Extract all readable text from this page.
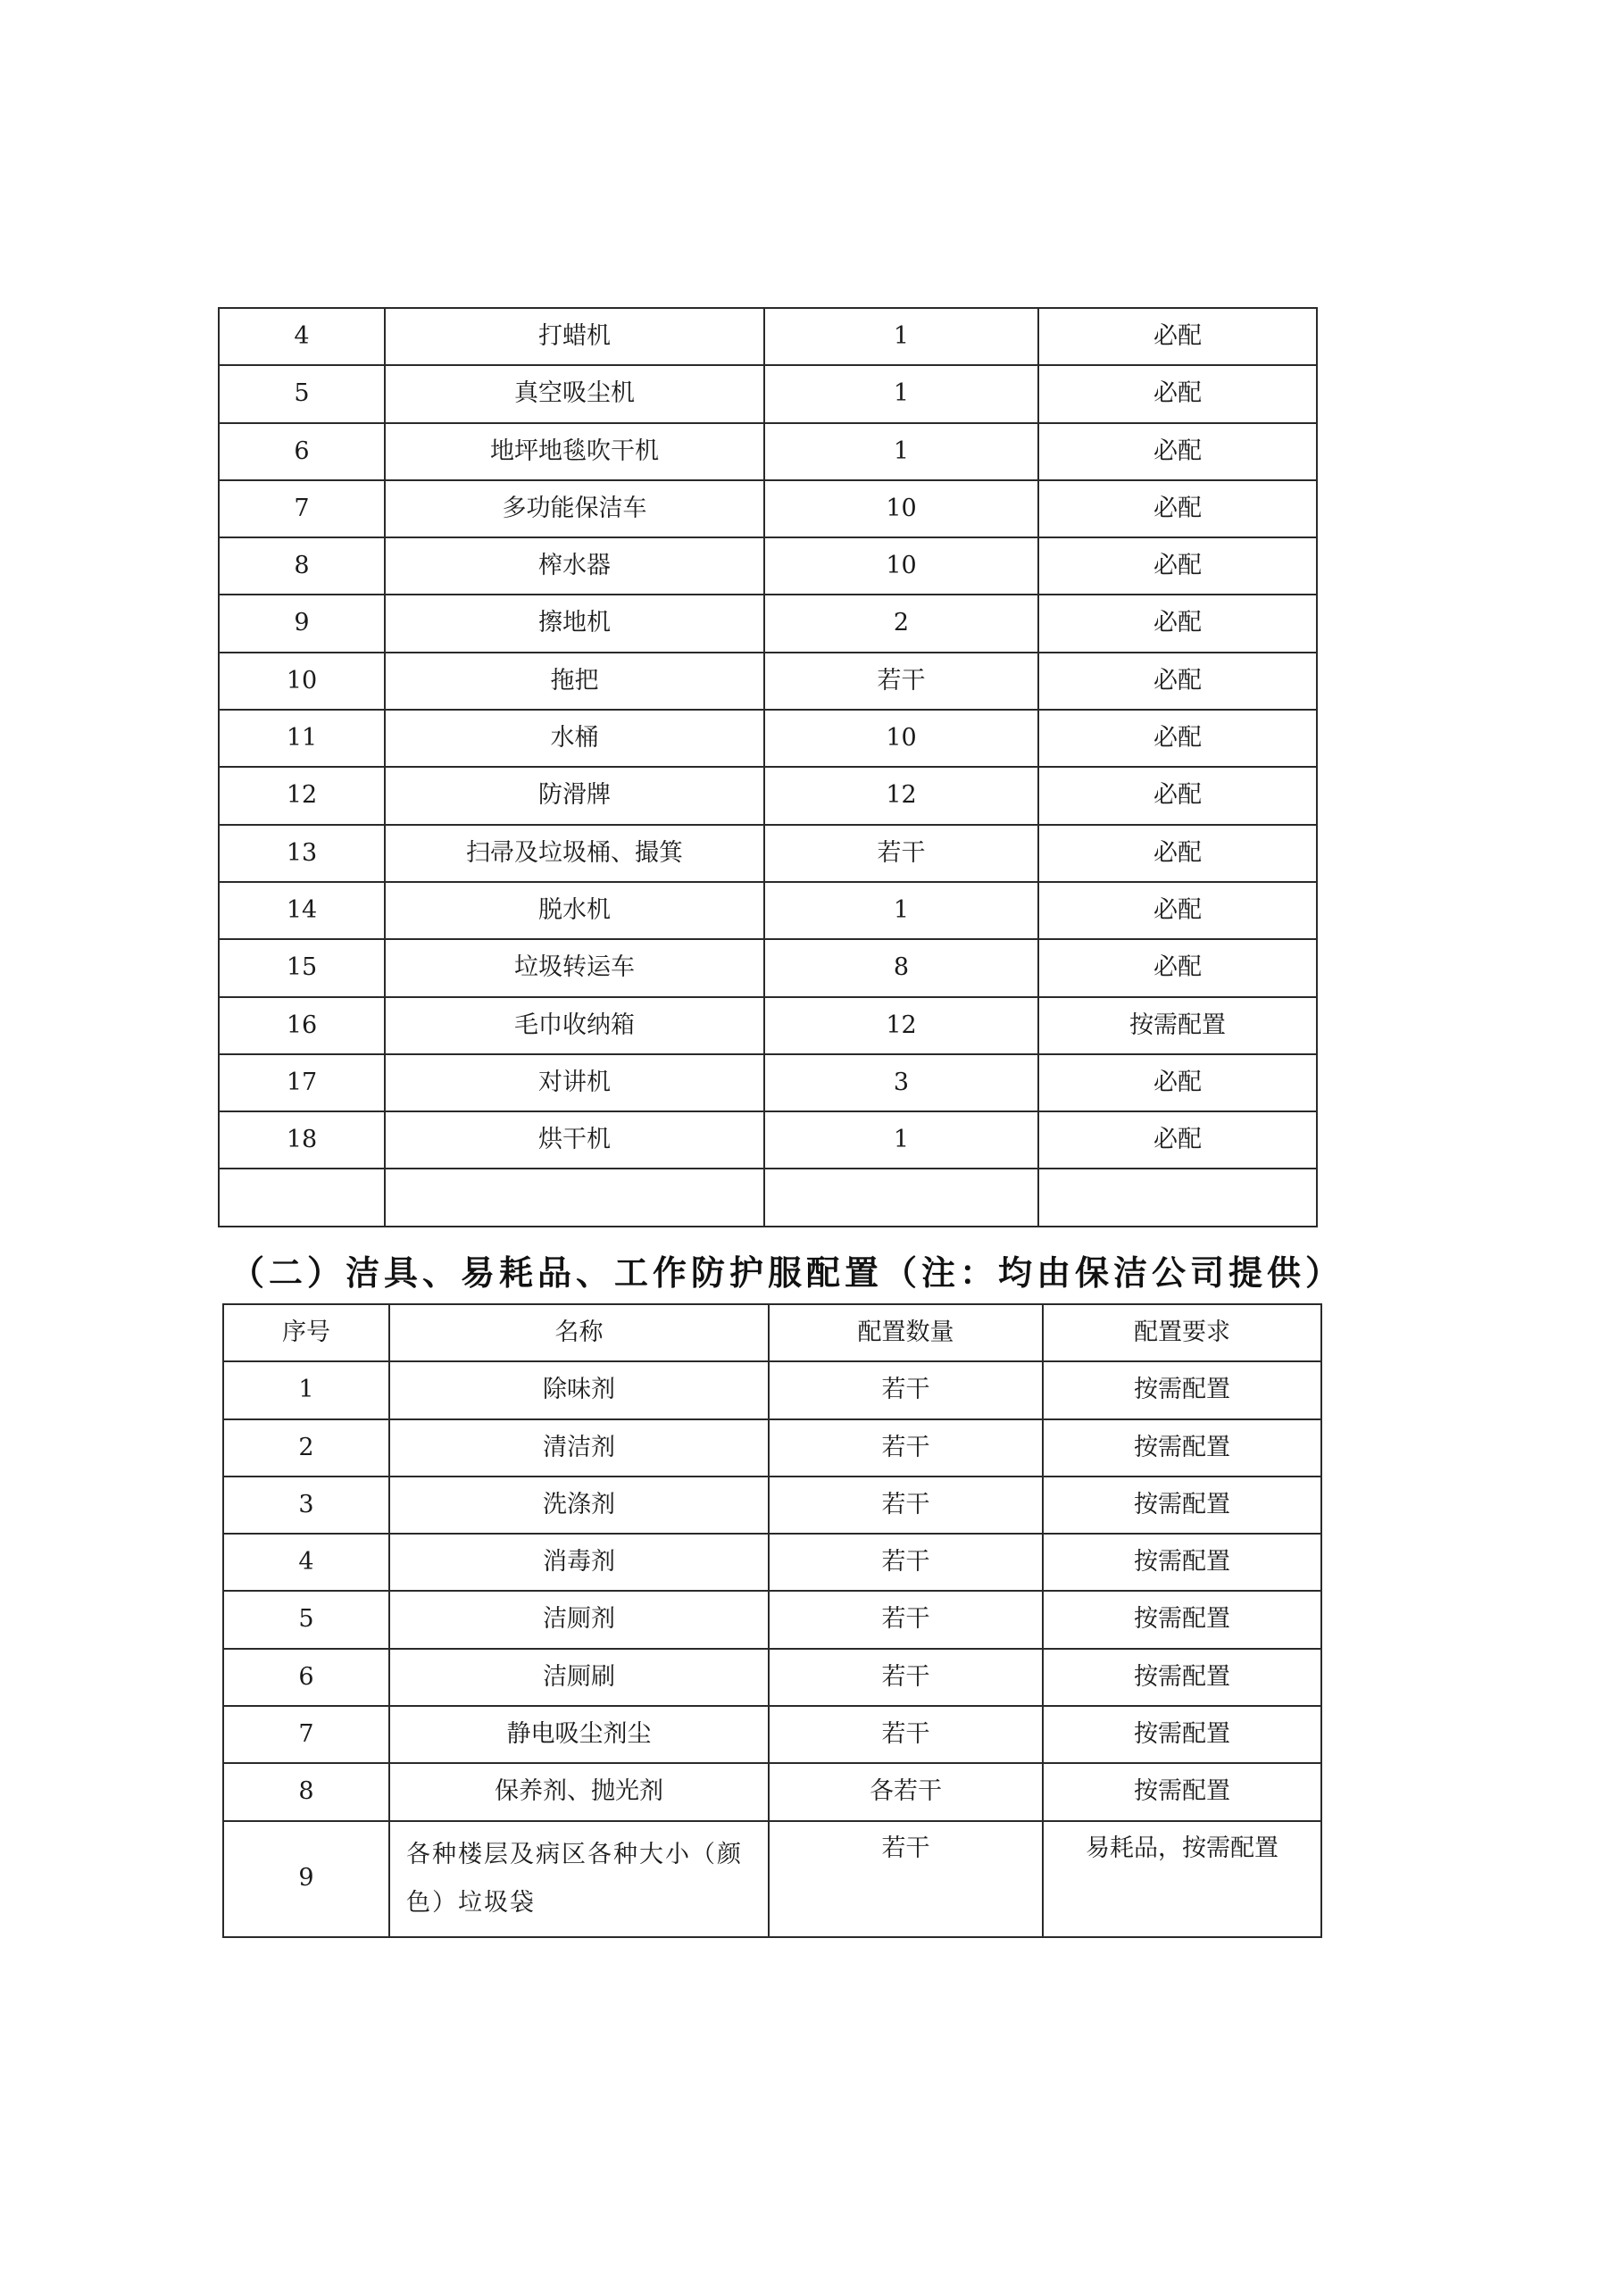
4	打蜡机	1	必配
5	真空吸尘机	1	必配
6	地坪地毯吹干机	1	必配
7	多功能保洁车	10	必配
8	榨水器	10	必配
9	擦地机	2	必配
10	拖把	若干	必配
11	水桶	10	必配
12	防滑牌	12	必配
13	扫帚及垃圾桶、撮箕	若干	必配
14	脱水机	1	必配
15	垃圾转运车	8	必配
16	毛巾收纳箱	12	按需配置
17	对讲机	3	必配
18	烘干机	1	必配

（二）洁具、易耗品、工作防护服配置（注：均由保洁公司提供）
序号	名称	配置数量	配置要求
1	除味剂	若干	按需配置
2	清洁剂	若干	按需配置
3	洗涤剂	若干	按需配置
4	消毒剂	若干	按需配置
5	洁厕剂	若干	按需配置
6	洁厕刷	若干	按需配置
7	静电吸尘剂尘	若干	按需配置
8	保养剂、抛光剂	各若干	按需配置
9	各种楼层及病区各种大小（颜色）垃圾袋	若干	易耗品，按需配置
